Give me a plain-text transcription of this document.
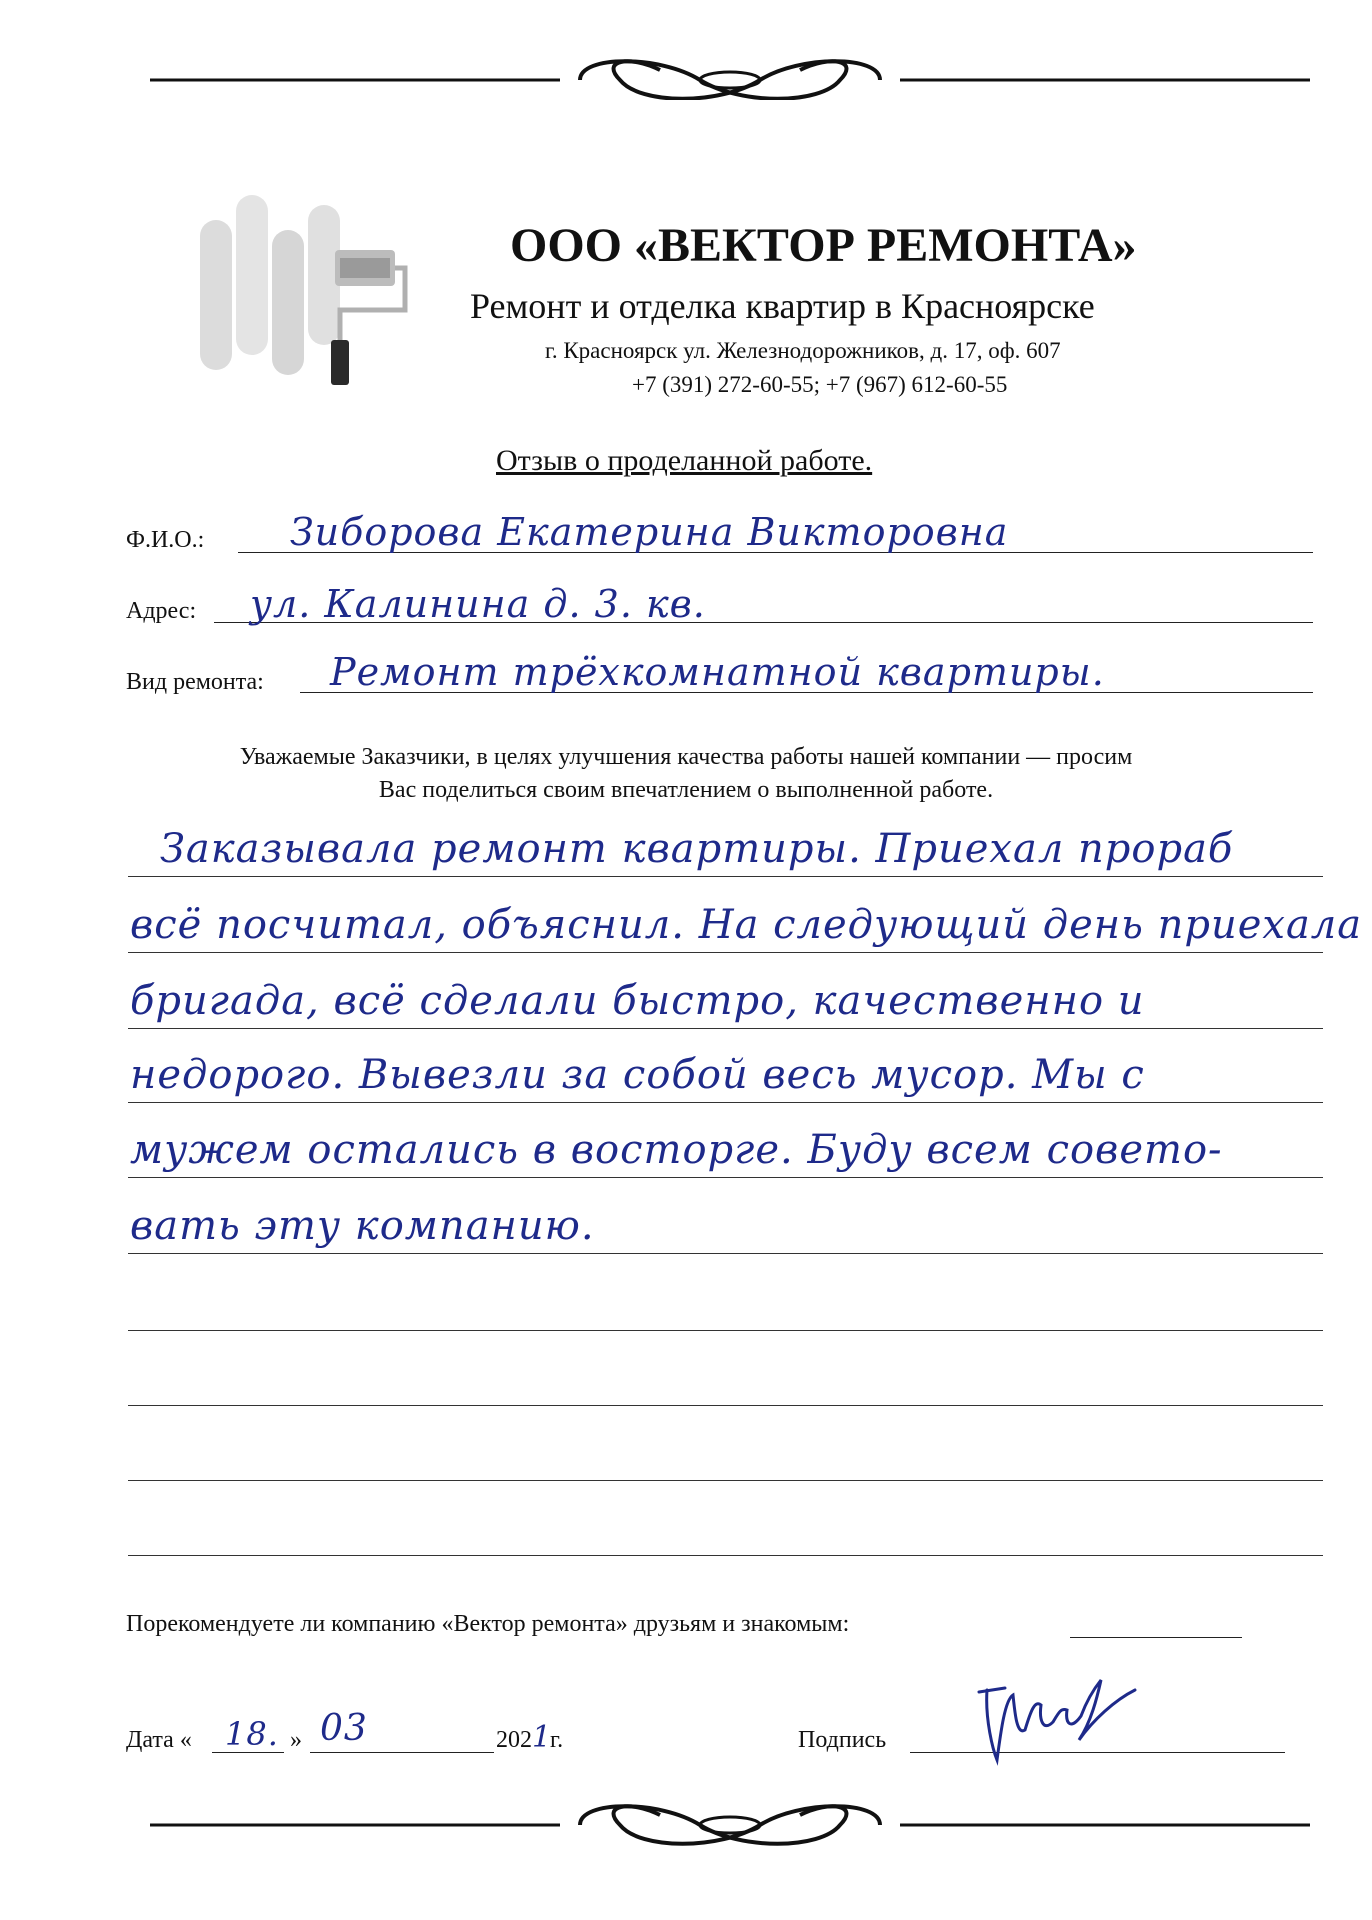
ООО «ВЕКТОР РЕМОНТА»
Ремонт и отделка квартир в Красноярске
г. Красноярск ул. Железнодорожников, д. 17, оф. 607
+7 (391) 272-60-55; +7 (967) 612-60-55
Отзыв о проделанной работе.
Ф.И.О.: Зиборова Екатерина Викторовна
Адрес: ул. Калинина д. 3. кв.
Вид ремонта: Ремонт трёхкомнатной квартиры.
Уважаемые Заказчики, в целях улучшения качества работы нашей компании — просим
Вас поделиться своим впечатлением о выполненной работе.
Заказывала ремонт квартиры. Приехал прораб
всё посчитал, объяснил. На следующий день приехала
бригада, всё сделали быстро, качественно и
недорого. Вывезли за собой весь мусор. Мы с
мужем остались в восторге. Буду всем совето-
вать эту компанию.
Порекомендуете ли компанию «Вектор ремонта» друзьям и знакомым:
Дата « 18. » 03	202 1
г.	Подпись
